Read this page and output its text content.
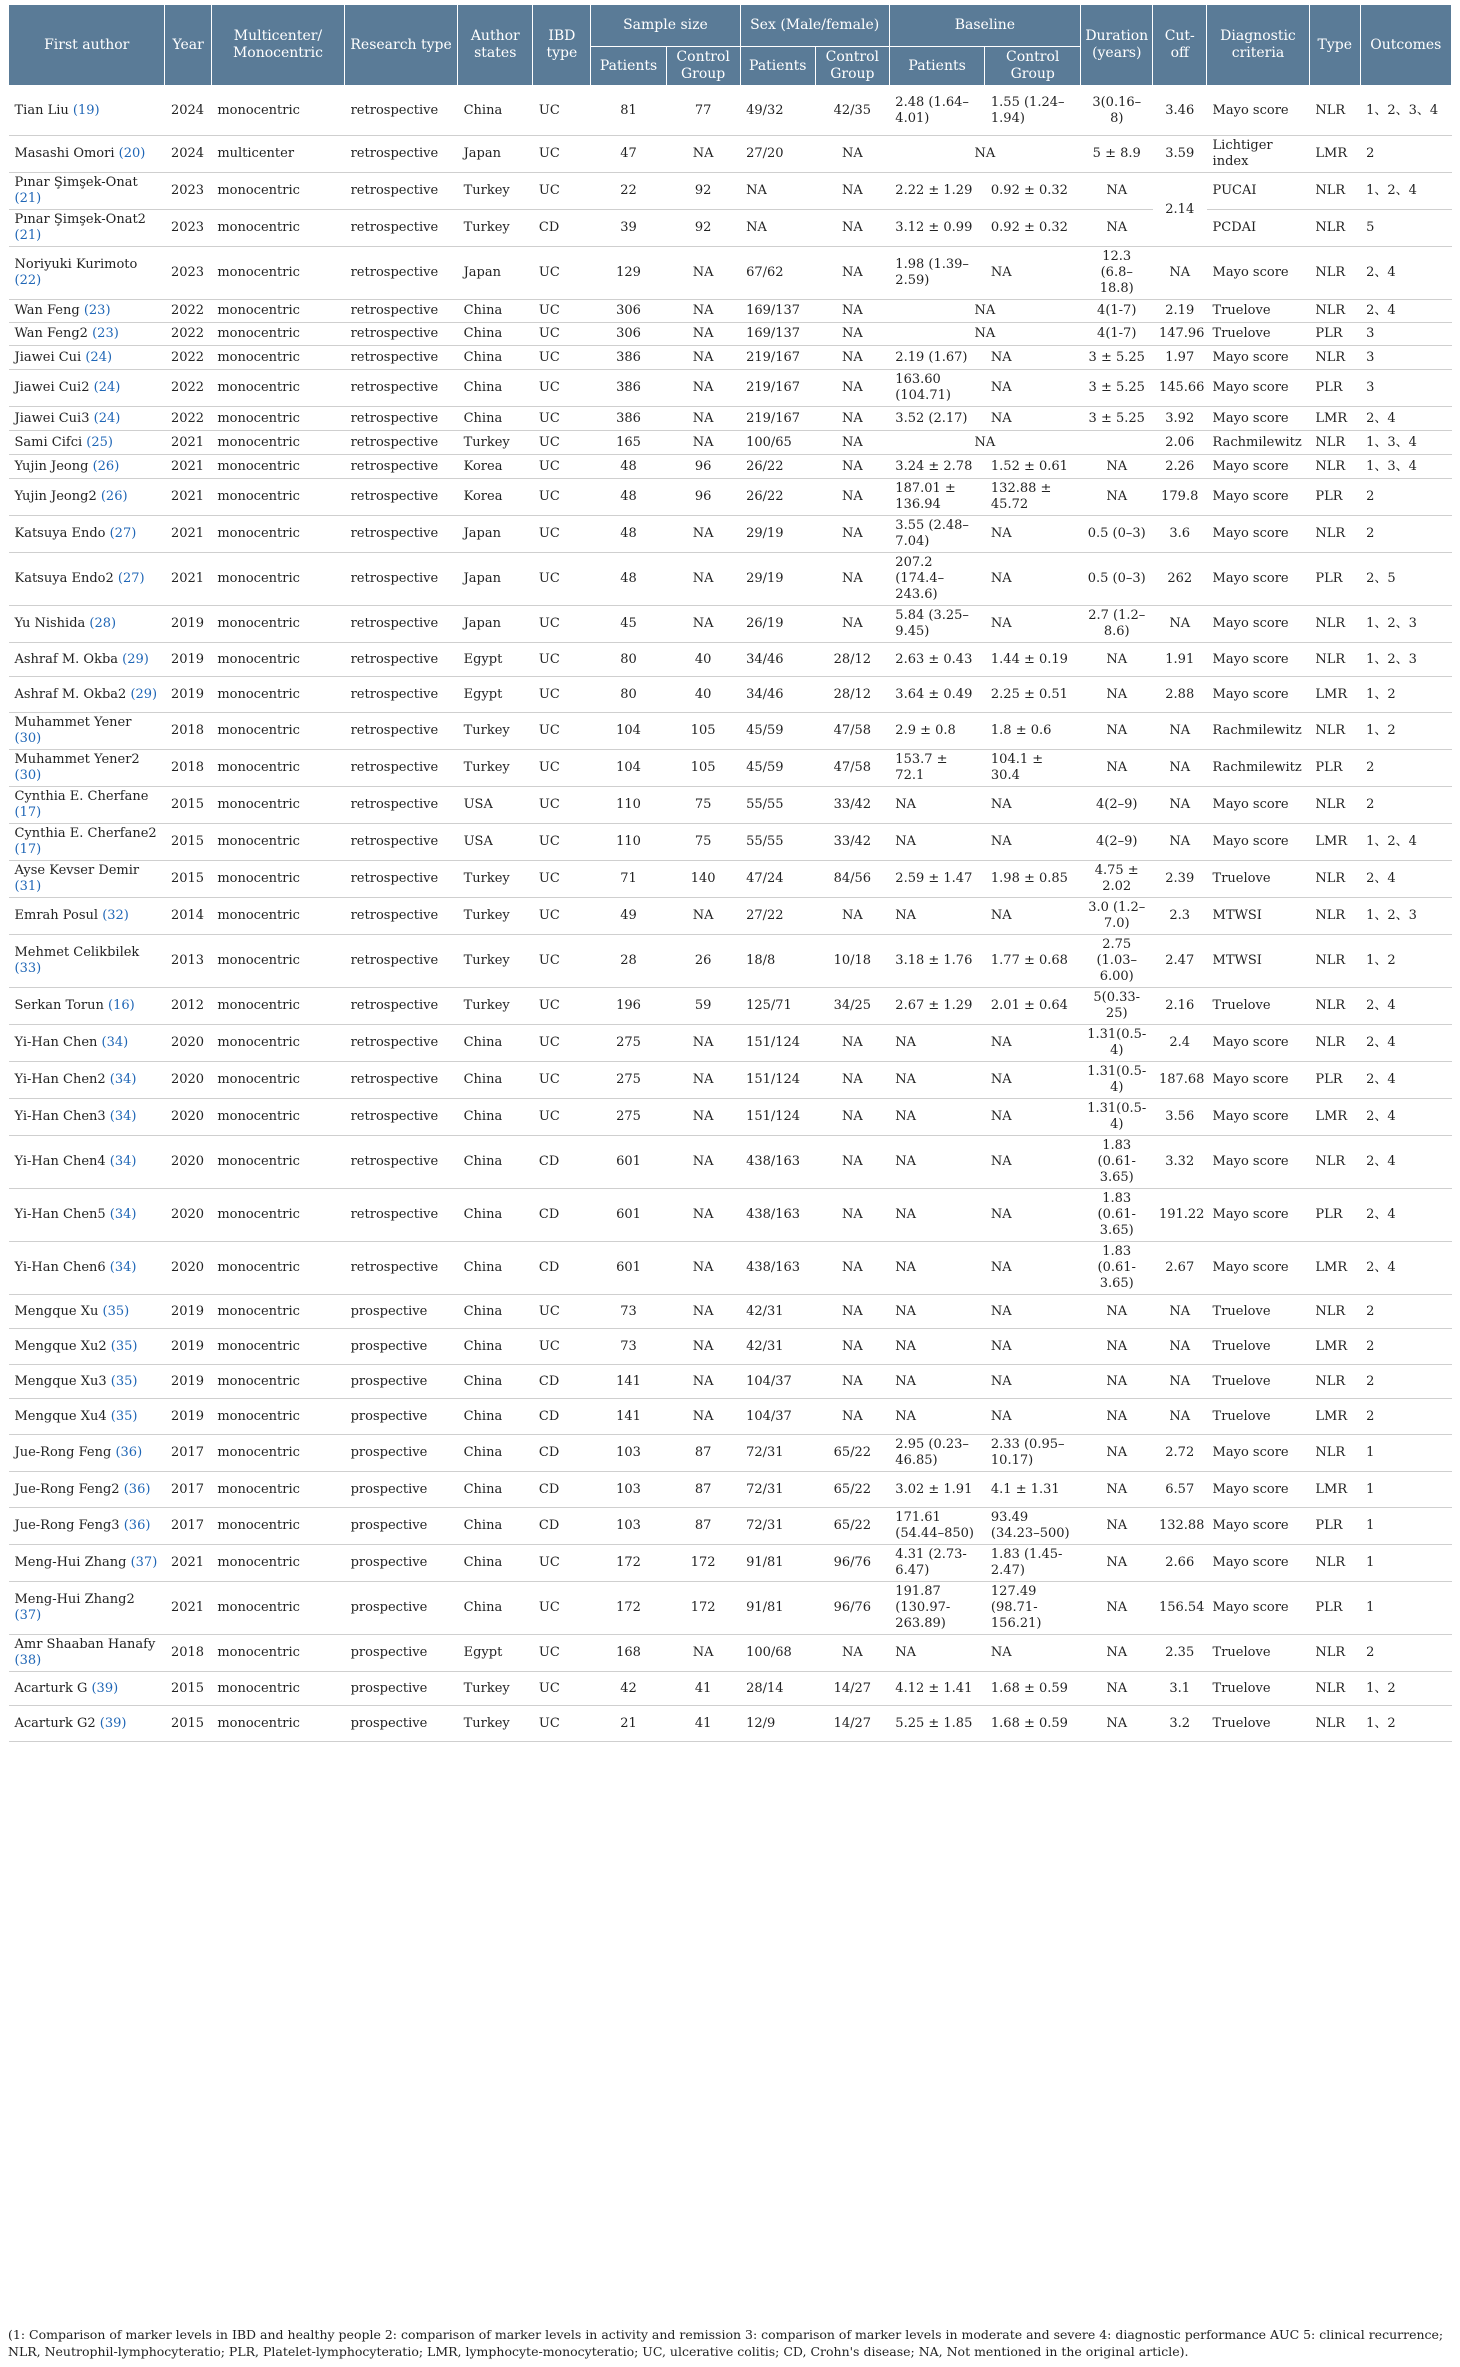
First author	Year	Multicenter/ Monocentric	Research type	Author states	IBD type	Sample size		Sex (Male/female)		Baseline		Duration (years)	Cut-off	Diagnostic criteria	Type	Outcomes
						Patients	Control Group	Patients	Control Group	Patients	Control Group					
Tian Liu (19)	2024	monocentric	retrospective	China	UC	81	77	49/32	42/35	2.48 (1.64–4.01)	1.55 (1.24–1.94)	3(0.16–8)	3.46	Mayo score	NLR	1、2、3、4
Masashi Omori (20)	2024	multicenter	retrospective	Japan	UC	47	NA	27/20	NA	NA		5 ± 8.9	3.59	Lichtiger index	LMR	2
Pınar Şimşek-Onat (21)	2023	monocentric	retrospective	Turkey	UC	22	92	NA	NA	2.22 ± 1.29	0.92 ± 0.32	NA	2.14	PUCAI	NLR	1、2、4
Pınar Şimşek-Onat2 (21)	2023	monocentric	retrospective	Turkey	CD	39	92	NA	NA	3.12 ± 0.99	0.92 ± 0.32	NA		PCDAI	NLR	5
Noriyuki Kurimoto (22)	2023	monocentric	retrospective	Japan	UC	129	NA	67/62	NA	1.98 (1.39–2.59)	NA	12.3 (6.8–18.8)	NA	Mayo score	NLR	2、4
Wan Feng (23)	2022	monocentric	retrospective	China	UC	306	NA	169/137	NA	NA		4(1-7)	2.19	Truelove	NLR	2、4
Wan Feng2 (23)	2022	monocentric	retrospective	China	UC	306	NA	169/137	NA	NA		4(1-7)	147.96	Truelove	PLR	3
Jiawei Cui (24)	2022	monocentric	retrospective	China	UC	386	NA	219/167	NA	2.19 (1.67)	NA	3 ± 5.25	1.97	Mayo score	NLR	3
Jiawei Cui2 (24)	2022	monocentric	retrospective	China	UC	386	NA	219/167	NA	163.60 (104.71)	NA	3 ± 5.25	145.66	Mayo score	PLR	3
Jiawei Cui3 (24)	2022	monocentric	retrospective	China	UC	386	NA	219/167	NA	3.52 (2.17)	NA	3 ± 5.25	3.92	Mayo score	LMR	2、4
Sami Cifci (25)	2021	monocentric	retrospective	Turkey	UC	165	NA	100/65	NA	NA			2.06	Rachmilewitz	NLR	1、3、4
Yujin Jeong (26)	2021	monocentric	retrospective	Korea	UC	48	96	26/22	NA	3.24 ± 2.78	1.52 ± 0.61	NA	2.26	Mayo score	NLR	1、3、4
Yujin Jeong2 (26)	2021	monocentric	retrospective	Korea	UC	48	96	26/22	NA	187.01 ± 136.94	132.88 ± 45.72	NA	179.8	Mayo score	PLR	2
Katsuya Endo (27)	2021	monocentric	retrospective	Japan	UC	48	NA	29/19	NA	3.55 (2.48–7.04)	NA	0.5 (0–3)	3.6	Mayo score	NLR	2
Katsuya Endo2 (27)	2021	monocentric	retrospective	Japan	UC	48	NA	29/19	NA	207.2 (174.4–243.6)	NA	0.5 (0–3)	262	Mayo score	PLR	2、5
Yu Nishida (28)	2019	monocentric	retrospective	Japan	UC	45	NA	26/19	NA	5.84 (3.25–9.45)	NA	2.7 (1.2–8.6)	NA	Mayo score	NLR	1、2、3
Ashraf M. Okba (29)	2019	monocentric	retrospective	Egypt	UC	80	40	34/46	28/12	2.63 ± 0.43	1.44 ± 0.19	NA	1.91	Mayo score	NLR	1、2、3
Ashraf M. Okba2 (29)	2019	monocentric	retrospective	Egypt	UC	80	40	34/46	28/12	3.64 ± 0.49	2.25 ± 0.51	NA	2.88	Mayo score	LMR	1、2
Muhammet Yener (30)	2018	monocentric	retrospective	Turkey	UC	104	105	45/59	47/58	2.9 ± 0.8	1.8 ± 0.6	NA	NA	Rachmilewitz	NLR	1、2
Muhammet Yener2 (30)	2018	monocentric	retrospective	Turkey	UC	104	105	45/59	47/58	153.7 ± 72.1	104.1 ± 30.4	NA	NA	Rachmilewitz	PLR	2
Cynthia E. Cherfane (17)	2015	monocentric	retrospective	USA	UC	110	75	55/55	33/42	NA	NA	4(2–9)	NA	Mayo score	NLR	2
Cynthia E. Cherfane2 (17)	2015	monocentric	retrospective	USA	UC	110	75	55/55	33/42	NA	NA	4(2–9)	NA	Mayo score	LMR	1、2、4
Ayse Kevser Demir (31)	2015	monocentric	retrospective	Turkey	UC	71	140	47/24	84/56	2.59 ± 1.47	1.98 ± 0.85	4.75 ± 2.02	2.39	Truelove	NLR	2、4
Emrah Posul (32)	2014	monocentric	retrospective	Turkey	UC	49	NA	27/22	NA	NA	NA	3.0 (1.2–7.0)	2.3	MTWSI	NLR	1、2、3
Mehmet Celikbilek (33)	2013	monocentric	retrospective	Turkey	UC	28	26	18/8	10/18	3.18 ± 1.76	1.77 ± 0.68	2.75 (1.03– 6.00)	2.47	MTWSI	NLR	1、2
Serkan Torun (16)	2012	monocentric	retrospective	Turkey	UC	196	59	125/71	34/25	2.67 ± 1.29	2.01 ± 0.64	5(0.33-25)	2.16	Truelove	NLR	2、4
Yi-Han Chen (34)	2020	monocentric	retrospective	China	UC	275	NA	151/124	NA	NA	NA	1.31(0.5-4)	2.4	Mayo score	NLR	2、4
Yi-Han Chen2 (34)	2020	monocentric	retrospective	China	UC	275	NA	151/124	NA	NA	NA	1.31(0.5-4)	187.68	Mayo score	PLR	2、4
Yi-Han Chen3 (34)	2020	monocentric	retrospective	China	UC	275	NA	151/124	NA	NA	NA	1.31(0.5-4)	3.56	Mayo score	LMR	2、4
Yi-Han Chen4 (34)	2020	monocentric	retrospective	China	CD	601	NA	438/163	NA	NA	NA	1.83 (0.61-3.65)	3.32	Mayo score	NLR	2、4
Yi-Han Chen5 (34)	2020	monocentric	retrospective	China	CD	601	NA	438/163	NA	NA	NA	1.83 (0.61-3.65)	191.22	Mayo score	PLR	2、4
Yi-Han Chen6 (34)	2020	monocentric	retrospective	China	CD	601	NA	438/163	NA	NA	NA	1.83 (0.61-3.65)	2.67	Mayo score	LMR	2、4
Mengque Xu (35)	2019	monocentric	prospective	China	UC	73	NA	42/31	NA	NA	NA	NA	NA	Truelove	NLR	2
Mengque Xu2 (35)	2019	monocentric	prospective	China	UC	73	NA	42/31	NA	NA	NA	NA	NA	Truelove	LMR	2
Mengque Xu3 (35)	2019	monocentric	prospective	China	CD	141	NA	104/37	NA	NA	NA	NA	NA	Truelove	NLR	2
Mengque Xu4 (35)	2019	monocentric	prospective	China	CD	141	NA	104/37	NA	NA	NA	NA	NA	Truelove	LMR	2
Jue-Rong Feng (36)	2017	monocentric	prospective	China	CD	103	87	72/31	65/22	2.95 (0.23–46.85)	2.33 (0.95–10.17)	NA	2.72	Mayo score	NLR	1
Jue-Rong Feng2 (36)	2017	monocentric	prospective	China	CD	103	87	72/31	65/22	3.02 ± 1.91	4.1 ± 1.31	NA	6.57	Mayo score	LMR	1
Jue-Rong Feng3 (36)	2017	monocentric	prospective	China	CD	103	87	72/31	65/22	171.61 (54.44–850)	93.49 (34.23–500)	NA	132.88	Mayo score	PLR	1
Meng-Hui Zhang (37)	2021	monocentric	prospective	China	UC	172	172	91/81	96/76	4.31 (2.73-6.47)	1.83 (1.45-2.47)	NA	2.66	Mayo score	NLR	1
Meng-Hui Zhang2 (37)	2021	monocentric	prospective	China	UC	172	172	91/81	96/76	191.87 (130.97- 263.89)	127.49 (98.71- 156.21)	NA	156.54	Mayo score	PLR	1
Amr Shaaban Hanafy (38)	2018	monocentric	prospective	Egypt	UC	168	NA	100/68	NA	NA	NA	NA	2.35	Truelove	NLR	2
Acarturk G (39)	2015	monocentric	prospective	Turkey	UC	42	41	28/14	14/27	4.12 ± 1.41	1.68 ± 0.59	NA	3.1	Truelove	NLR	1、2
Acarturk G2 (39)	2015	monocentric	prospective	Turkey	UC	21	41	12/9	14/27	5.25 ± 1.85	1.68 ± 0.59	NA	3.2	Truelove	NLR	1、2
(1: Comparison of marker levels in IBD and healthy people 2: comparison of marker levels in activity and remission 3: comparison of marker levels in moderate and severe 4: diagnostic performance AUC 5: clinical recurrence; NLR, Neutrophil-lymphocyteratio; PLR, Platelet-lymphocyteratio; LMR, lymphocyte-monocyteratio; UC, ulcerative colitis; CD, Crohn's disease; NA, Not mentioned in the original article).
